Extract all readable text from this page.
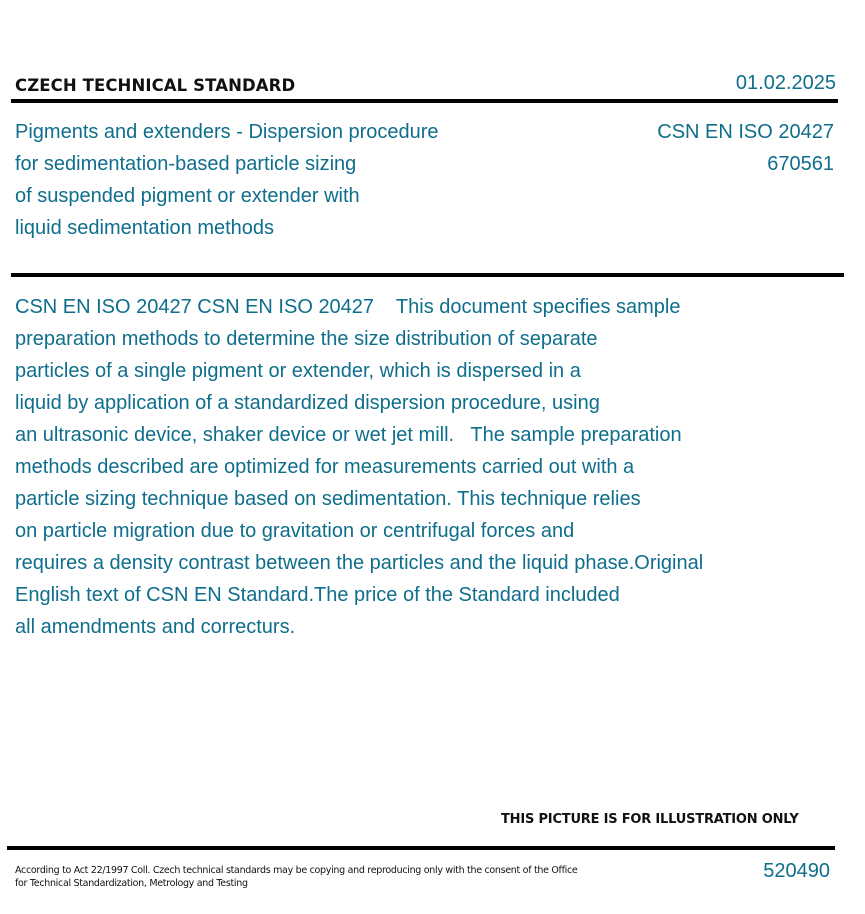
CZECH TECHNICAL STANDARD	01.02.2025
Pigments and extenders - Dispersion procedure
for sedimentation-based particle sizing
of suspended pigment or extender with
liquid sedimentation methods
CSN EN ISO 20427
670561
CSN EN ISO 20427 CSN EN ISO 20427    This document specifies sample
preparation methods to determine the size distribution of separate
particles of a single pigment or extender, which is dispersed in a
liquid by application of a standardized dispersion procedure, using
an ultrasonic device, shaker device or wet jet mill.   The sample preparation
methods described are optimized for measurements carried out with a
particle sizing technique based on sedimentation. This technique relies
on particle migration due to gravitation or centrifugal forces and
requires a density contrast between the particles and the liquid phase.Original
English text of CSN EN Standard.The price of the Standard included
all amendments and correcturs.
THIS PICTURE IS FOR ILLUSTRATION ONLY
According to Act 22/1997 Coll. Czech technical standards may be copying and reproducing only with the consent of the Office
for Technical Standardization, Metrology and Testing
520490
